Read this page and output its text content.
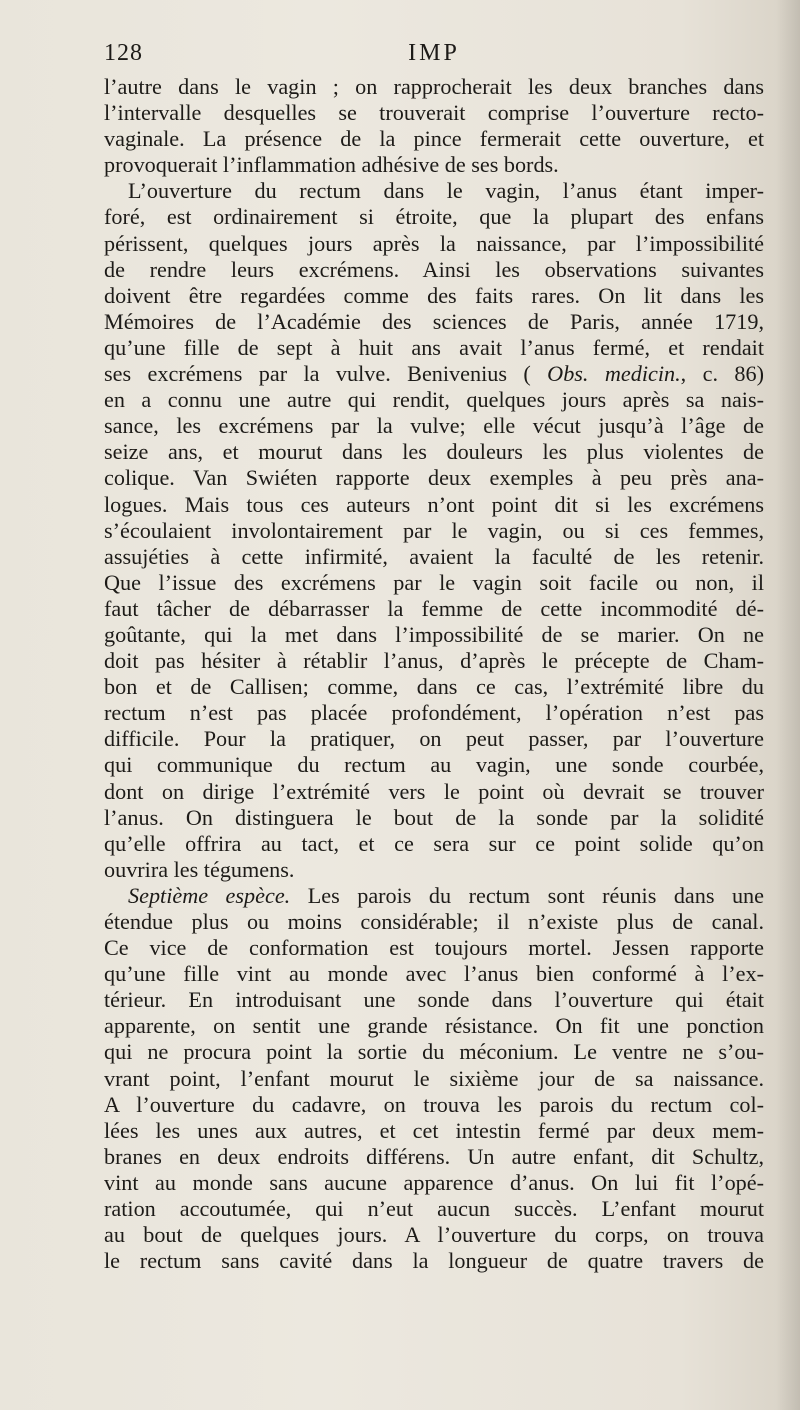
128	IMP
l’autre dans le vagin ; on rapprocherait les deux branches dans
l’intervalle desquelles se trouverait comprise l’ouverture recto-
vaginale. La présence de la pince fermerait cette ouverture, et
provoquerait l’inflammation adhésive de ses bords.
L’ouverture du rectum dans le vagin, l’anus étant imper-
foré, est ordinairement si étroite, que la plupart des enfans
périssent, quelques jours après la naissance, par l’impossibilité
de rendre leurs excrémens. Ainsi les observations suivantes
doivent être regardées comme des faits rares. On lit dans les
Mémoires de l’Académie des sciences de Paris, année 1719,
qu’une fille de sept à huit ans avait l’anus fermé, et rendait
ses excrémens par la vulve. Benivenius ( Obs. medicin., c. 86)
en a connu une autre qui rendit, quelques jours après sa nais-
sance, les excrémens par la vulve; elle vécut jusqu’à l’âge de
seize ans, et mourut dans les douleurs les plus violentes de
colique. Van Swiéten rapporte deux exemples à peu près ana-
logues. Mais tous ces auteurs n’ont point dit si les excrémens
s’écoulaient involontairement par le vagin, ou si ces femmes,
assujéties à cette infirmité, avaient la faculté de les retenir.
Que l’issue des excrémens par le vagin soit facile ou non, il
faut tâcher de débarrasser la femme de cette incommodité dé-
goûtante, qui la met dans l’impossibilité de se marier. On ne
doit pas hésiter à rétablir l’anus, d’après le précepte de Cham-
bon et de Callisen; comme, dans ce cas, l’extrémité libre du
rectum n’est pas placée profondément, l’opération n’est pas
difficile. Pour la pratiquer, on peut passer, par l’ouverture
qui communique du rectum au vagin, une sonde courbée,
dont on dirige l’extrémité vers le point où devrait se trouver
l’anus. On distinguera le bout de la sonde par la solidité
qu’elle offrira au tact, et ce sera sur ce point solide qu’on
ouvrira les tégumens.
Septième espèce. Les parois du rectum sont réunis dans une
étendue plus ou moins considérable; il n’existe plus de canal.
Ce vice de conformation est toujours mortel. Jessen rapporte
qu’une fille vint au monde avec l’anus bien conformé à l’ex-
térieur. En introduisant une sonde dans l’ouverture qui était
apparente, on sentit une grande résistance. On fit une ponction
qui ne procura point la sortie du méconium. Le ventre ne s’ou-
vrant point, l’enfant mourut le sixième jour de sa naissance.
A l’ouverture du cadavre, on trouva les parois du rectum col-
lées les unes aux autres, et cet intestin fermé par deux mem-
branes en deux endroits différens. Un autre enfant, dit Schultz,
vint au monde sans aucune apparence d’anus. On lui fit l’opé-
ration accoutumée, qui n’eut aucun succès. L’enfant mourut
au bout de quelques jours. A l’ouverture du corps, on trouva
le rectum sans cavité dans la longueur de quatre travers de
